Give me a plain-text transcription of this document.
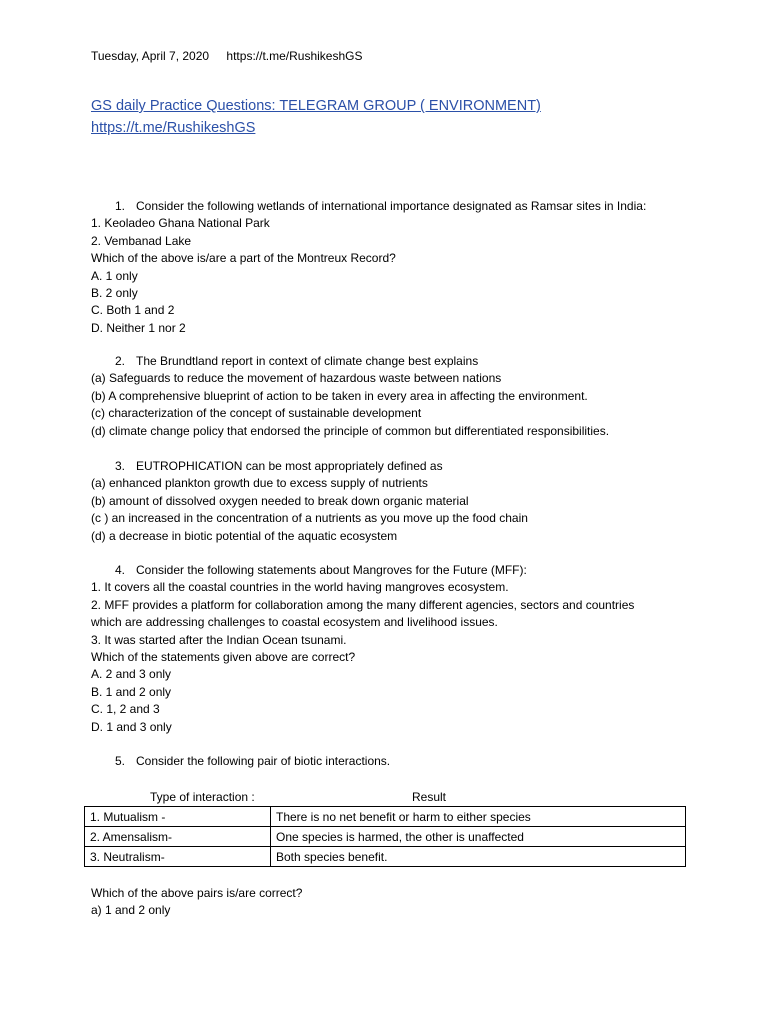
Tuesday, April 7, 2020 https://t.me/RushikeshGS
GS daily Practice Questions: TELEGRAM GROUP ( ENVIRONMENT)
https://t.me/RushikeshGS
1. Consider the following wetlands of international importance designated as Ramsar sites in India:
1. Keoladeo Ghana National Park
2. Vembanad Lake
Which of the above is/are a part of the Montreux Record?
A. 1 only
B. 2 only
C. Both 1 and 2
D. Neither 1 nor 2
2. The Brundtland report in context of climate change best explains
(a) Safeguards to reduce the movement of hazardous waste between nations
(b) A comprehensive blueprint of action to be taken in every area in affecting the environment.
(c) characterization of the concept of sustainable development
(d) climate change policy that endorsed the principle of common but differentiated responsibilities.
3. EUTROPHICATION can be most appropriately defined as
(a) enhanced plankton growth due to excess supply of nutrients
(b) amount of dissolved oxygen needed to break down organic material
(c ) an increased in the concentration of a nutrients as you move up the food chain
(d) a decrease in biotic potential of the aquatic ecosystem
4. Consider the following statements about Mangroves for the Future (MFF):
1. It covers all the coastal countries in the world having mangroves ecosystem.
2. MFF provides a platform for collaboration among the many different agencies, sectors and countries
which are addressing challenges to coastal ecosystem and livelihood issues.
3. It was started after the Indian Ocean tsunami.
Which of the statements given above are correct?
A. 2 and 3 only
B. 1 and 2 only
C. 1, 2 and 3
D. 1 and 3 only
5. Consider the following pair of biotic interactions.
Type of interaction :	Result
1. Mutualism -	There is no net benefit or harm to either species
2. Amensalism-	One species is harmed, the other is unaffected
3. Neutralism-	Both species benefit.
Which of the above pairs is/are correct?
a) 1 and 2 only
